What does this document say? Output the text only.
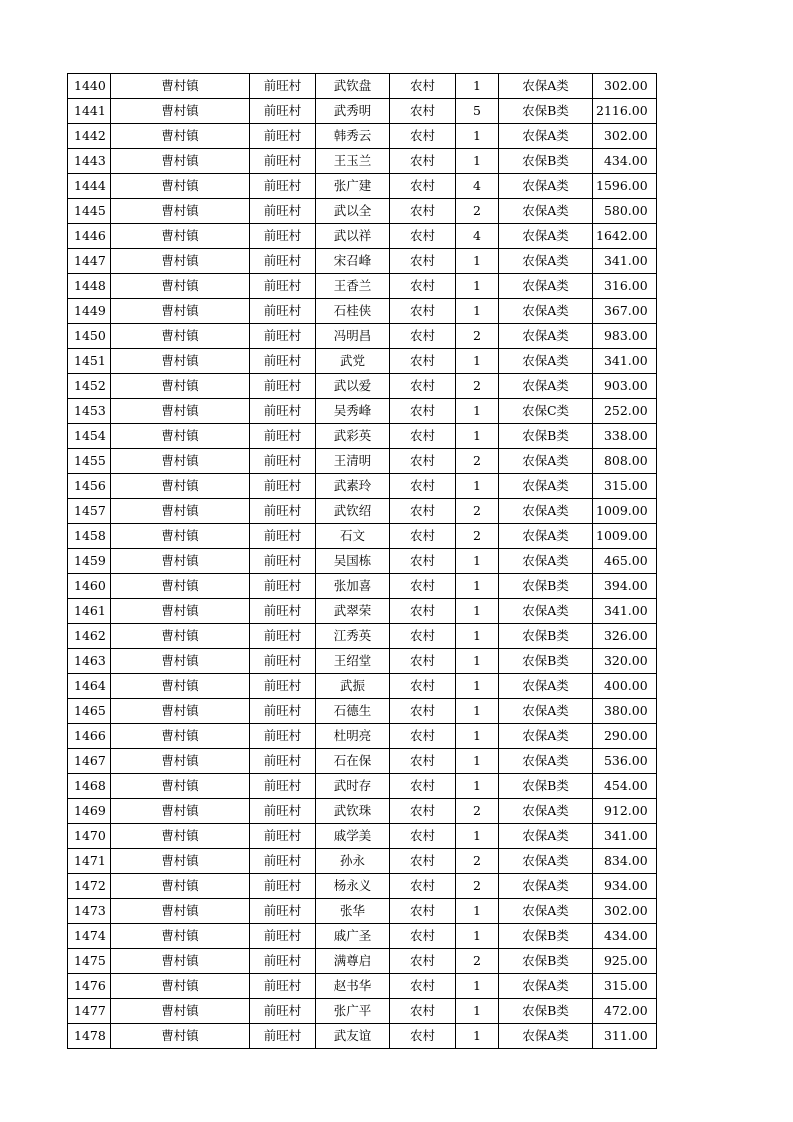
1440	曹村镇	前旺村	武钦盘	农村	1	农保A类	302.00
1441	曹村镇	前旺村	武秀明	农村	5	农保B类	2116.00
1442	曹村镇	前旺村	韩秀云	农村	1	农保A类	302.00
1443	曹村镇	前旺村	王玉兰	农村	1	农保B类	434.00
1444	曹村镇	前旺村	张广建	农村	4	农保A类	1596.00
1445	曹村镇	前旺村	武以全	农村	2	农保A类	580.00
1446	曹村镇	前旺村	武以祥	农村	4	农保A类	1642.00
1447	曹村镇	前旺村	宋召峰	农村	1	农保A类	341.00
1448	曹村镇	前旺村	王香兰	农村	1	农保A类	316.00
1449	曹村镇	前旺村	石桂侠	农村	1	农保A类	367.00
1450	曹村镇	前旺村	冯明昌	农村	2	农保A类	983.00
1451	曹村镇	前旺村	武党	农村	1	农保A类	341.00
1452	曹村镇	前旺村	武以爱	农村	2	农保A类	903.00
1453	曹村镇	前旺村	吴秀峰	农村	1	农保C类	252.00
1454	曹村镇	前旺村	武彩英	农村	1	农保B类	338.00
1455	曹村镇	前旺村	王清明	农村	2	农保A类	808.00
1456	曹村镇	前旺村	武素玲	农村	1	农保A类	315.00
1457	曹村镇	前旺村	武钦绍	农村	2	农保A类	1009.00
1458	曹村镇	前旺村	石文	农村	2	农保A类	1009.00
1459	曹村镇	前旺村	吴国栋	农村	1	农保A类	465.00
1460	曹村镇	前旺村	张加喜	农村	1	农保B类	394.00
1461	曹村镇	前旺村	武翠荣	农村	1	农保A类	341.00
1462	曹村镇	前旺村	江秀英	农村	1	农保B类	326.00
1463	曹村镇	前旺村	王绍堂	农村	1	农保B类	320.00
1464	曹村镇	前旺村	武振	农村	1	农保A类	400.00
1465	曹村镇	前旺村	石德生	农村	1	农保A类	380.00
1466	曹村镇	前旺村	杜明亮	农村	1	农保A类	290.00
1467	曹村镇	前旺村	石在保	农村	1	农保A类	536.00
1468	曹村镇	前旺村	武时存	农村	1	农保B类	454.00
1469	曹村镇	前旺村	武钦珠	农村	2	农保A类	912.00
1470	曹村镇	前旺村	戚学美	农村	1	农保A类	341.00
1471	曹村镇	前旺村	孙永	农村	2	农保A类	834.00
1472	曹村镇	前旺村	杨永义	农村	2	农保A类	934.00
1473	曹村镇	前旺村	张华	农村	1	农保A类	302.00
1474	曹村镇	前旺村	戚广圣	农村	1	农保B类	434.00
1475	曹村镇	前旺村	满尊启	农村	2	农保B类	925.00
1476	曹村镇	前旺村	赵书华	农村	1	农保A类	315.00
1477	曹村镇	前旺村	张广平	农村	1	农保B类	472.00
1478	曹村镇	前旺村	武友谊	农村	1	农保A类	311.00
